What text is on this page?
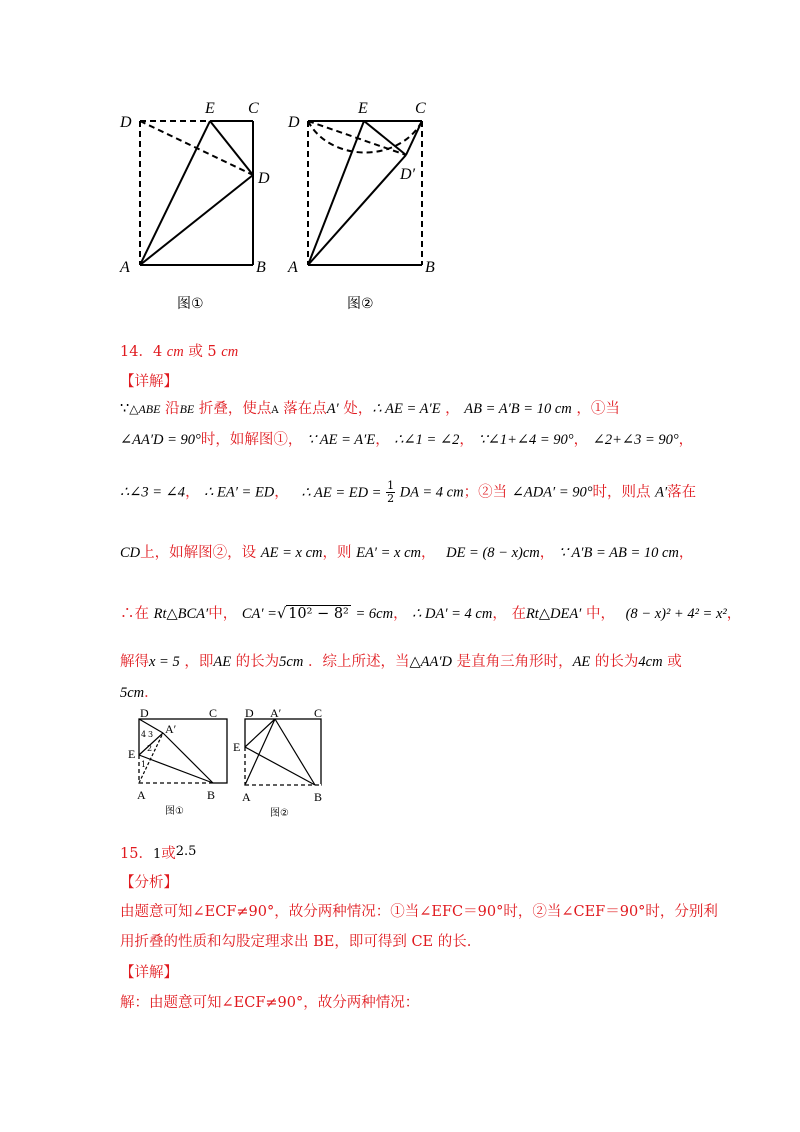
D
E C
D
A	B
图①
D
E	C
D′
A	B
图②
14．4 cm 或 5 cm
【详解】
∵△ABE 沿BE 折叠，使点A 落在点A′ 处，∴ AE = A′E ， AB = A′B = 10 cm ，①当
∠AA′D = 90°时，如解图①， ∵ AE = A′E， ∴∠1 = ∠2， ∵∠1+∠4 = 90°， ∠2+∠3 = 90°，
∴∠3 = ∠4， ∴ EA′ = ED， ∴ AE = ED = $\frac{1}{2}$ DA = 4 cm；②当 ∠ADA′ = 90°时，则点 A′落在
CD上，如解图②，设 AE = x cm，则 EA′ = x cm， DE = (8 − x)cm， ∵ A′B = AB = 10 cm，
∴在 Rt△BCA′中， CA′ =√ 10² − 8² = 6cm， ∴ DA′ = 4 cm， 在Rt△DEA′ 中， (8 − x)² + 4² = x²，
解得x = 5 ，即AE 的长为5cm ．综上所述，当△AA′D 是直角三角形时，AE 的长为4cm 或
5cm．
D	C
A′
E
A	B
4 3
2
1
图①
D A′	C
E
A	B
图②
15．1或2.5
【分析】
由题意可知∠ECF≠90°，故分两种情况：①当∠EFC＝90°时，②当∠CEF＝90°时，分别利
用折叠的性质和勾股定理求出 BE，即可得到 CE 的长.
【详解】
解：由题意可知∠ECF≠90°，故分两种情况：
